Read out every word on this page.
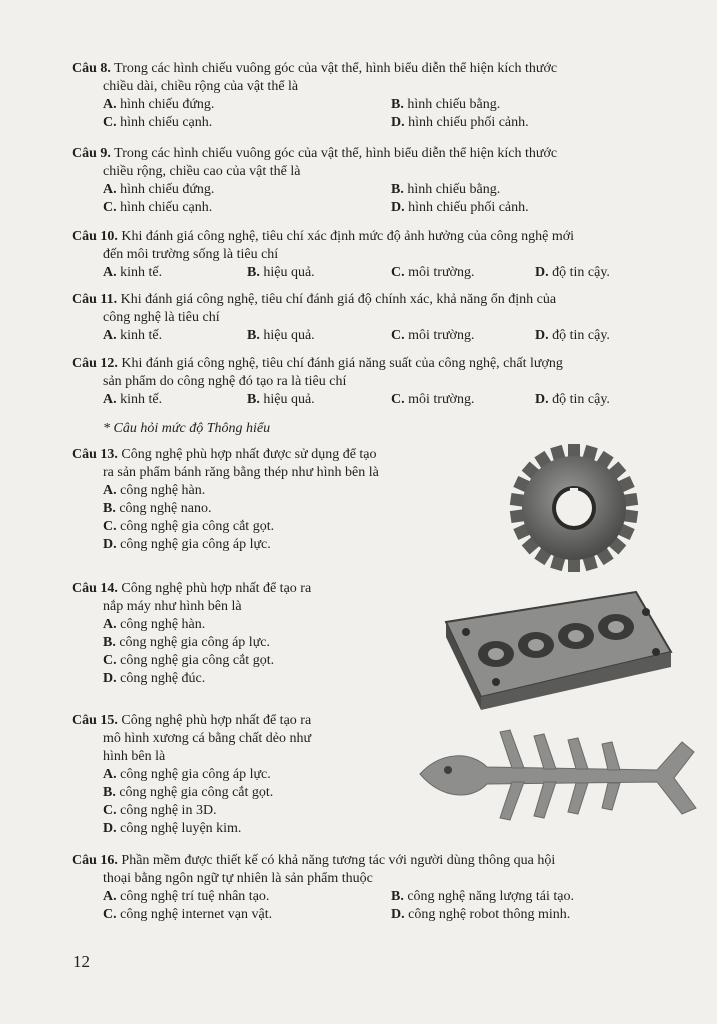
Câu 8. Trong các hình chiếu vuông góc của vật thể, hình biểu diễn thể hiện kích thước
chiều dài, chiều rộng của vật thể là
A. hình chiếu đứng.	B. hình chiếu bằng.
C. hình chiếu cạnh.	D. hình chiếu phối cảnh.
Câu 9. Trong các hình chiếu vuông góc của vật thể, hình biểu diễn thể hiện kích thước
chiều rộng, chiều cao của vật thể là
A. hình chiếu đứng.	B. hình chiếu bằng.
C. hình chiếu cạnh.	D. hình chiếu phối cảnh.
Câu 10. Khi đánh giá công nghệ, tiêu chí xác định mức độ ảnh hưởng của công nghệ mới
đến môi trường sống là tiêu chí
A. kinh tế.	B. hiệu quả.	C. môi trường.	D. độ tin cậy.
Câu 11. Khi đánh giá công nghệ, tiêu chí đánh giá độ chính xác, khả năng ổn định của
công nghệ là tiêu chí
A. kinh tế.	B. hiệu quả.	C. môi trường.	D. độ tin cậy.
Câu 12. Khi đánh giá công nghệ, tiêu chí đánh giá năng suất của công nghệ, chất lượng
sản phẩm do công nghệ đó tạo ra là tiêu chí
A. kinh tế.	B. hiệu quả.	C. môi trường.	D. độ tin cậy.
* Câu hỏi mức độ Thông hiểu
Câu 13. Công nghệ phù hợp nhất được sử dụng để tạo
ra sản phẩm bánh răng bằng thép như hình bên là
A. công nghệ hàn.
B. công nghệ nano.
C. công nghệ gia công cắt gọt.
D. công nghệ gia công áp lực.
Câu 14. Công nghệ phù hợp nhất để tạo ra
nắp máy như hình bên là
A. công nghệ hàn.
B. công nghệ gia công áp lực.
C. công nghệ gia công cắt gọt.
D. công nghệ đúc.
Câu 15. Công nghệ phù hợp nhất để tạo ra
mô hình xương cá bằng chất dẻo như
hình bên là
A. công nghệ gia công áp lực.
B. công nghệ gia công cắt gọt.
C. công nghệ in 3D.
D. công nghệ luyện kim.
Câu 16. Phần mềm được thiết kế có khả năng tương tác với người dùng thông qua hội
thoại bằng ngôn ngữ tự nhiên là sản phẩm thuộc
A. công nghệ trí tuệ nhân tạo.	B. công nghệ năng lượng tái tạo.
C. công nghệ internet vạn vật.	D. công nghệ robot thông minh.
12
